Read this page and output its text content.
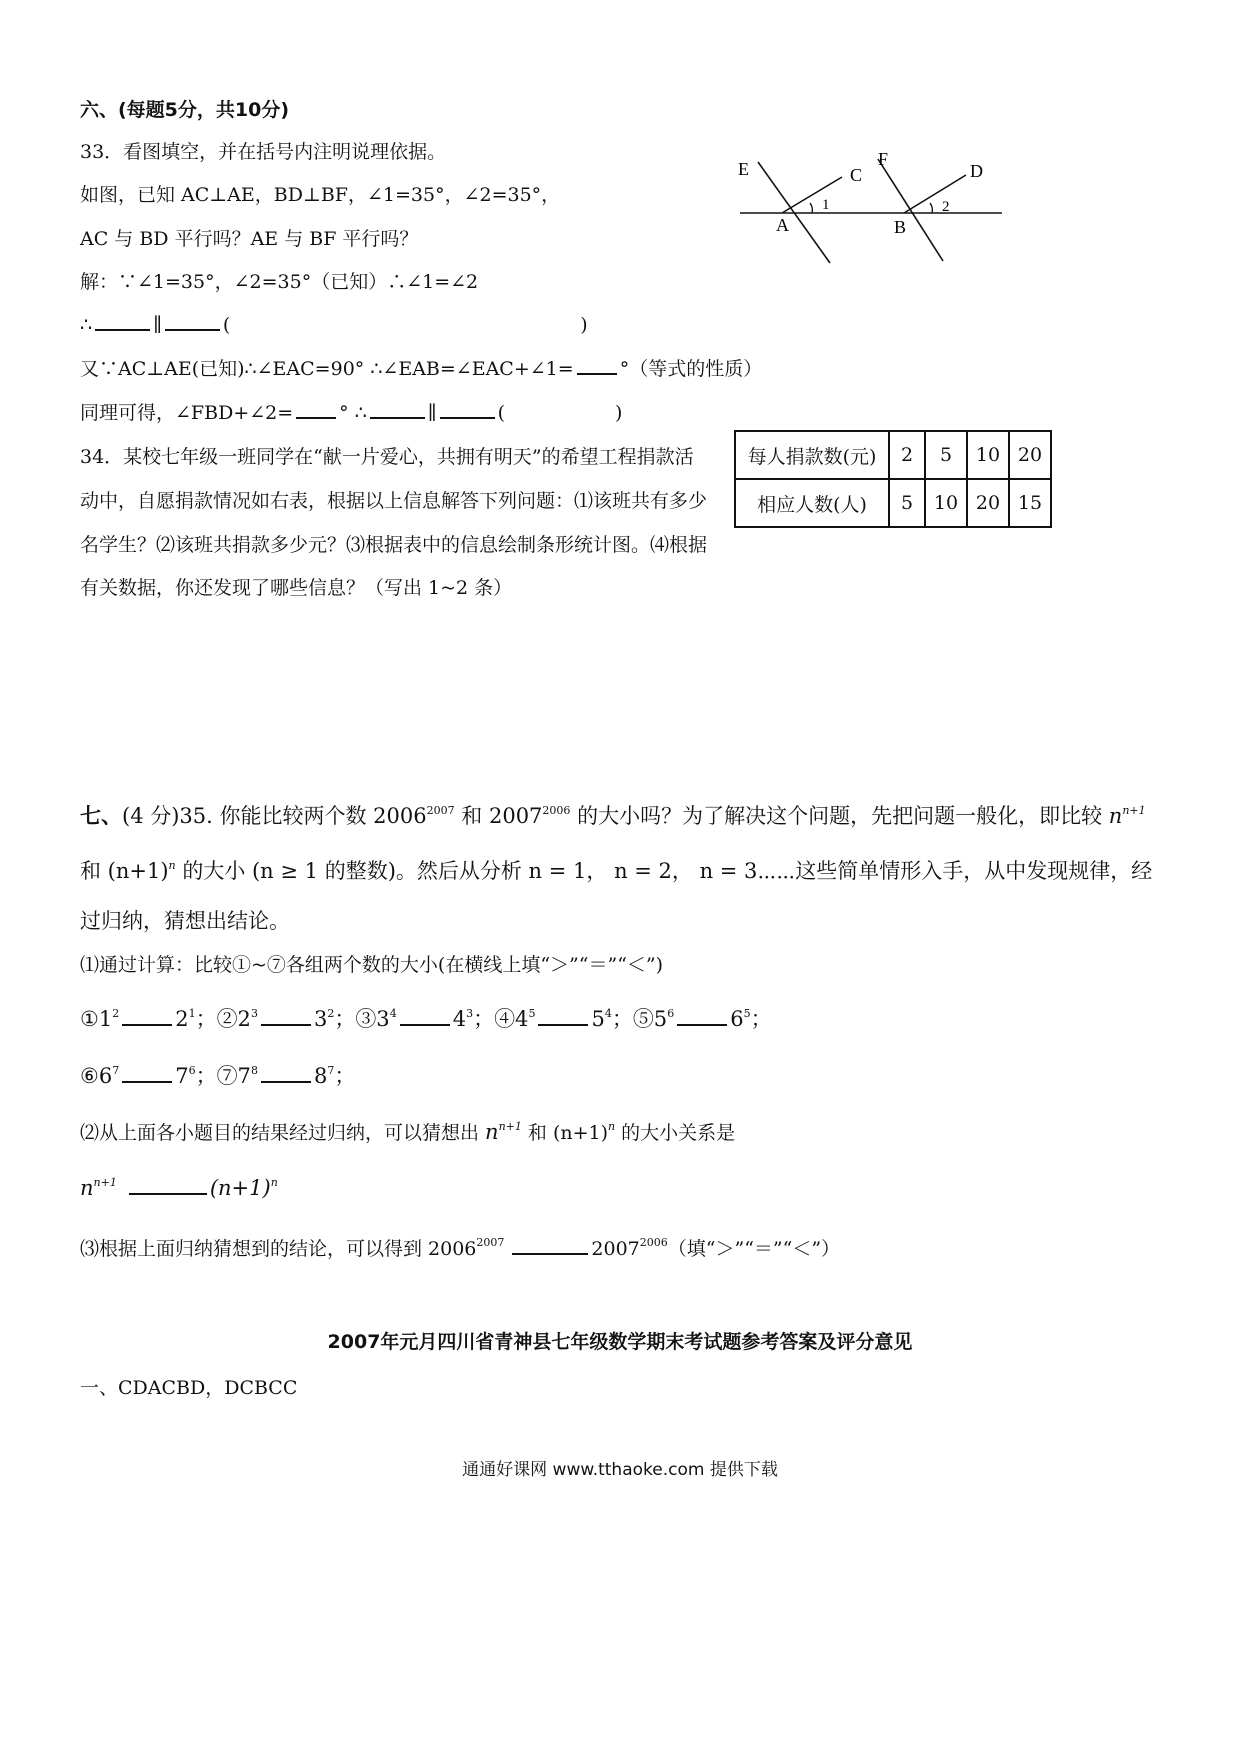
六、(每题5分，共10分)
33．看图填空，并在括号内注明说理依据。
如图，已知 AC⊥AE，BD⊥BF，∠1=35°，∠2=35°，
AC 与 BD 平行吗？AE 与 BF 平行吗？
解：∵∠1=35°，∠2=35°（已知）∴∠1=∠2
∴	∥	(	)
又∵AC⊥AE(已知)∴∠EAC=90° ∴∠EAB=∠EAC+∠1= °（等式的性质）
同理可得，∠FBD+∠2= ° ∴	∥	(	)
E	C
F
D
A	B
1	2
34．某校七年级一班同学在“献一片爱心，共拥有明天”的希望工程捐款活
动中，自愿捐款情况如右表，根据以上信息解答下列问题：⑴该班共有多少
名学生？⑵该班共捐款多少元？⑶根据表中的信息绘制条形统计图。⑷根据
有关数据，你还发现了哪些信息？（写出 1~2 条）
每人捐款数(元)	2	5	10	20
相应人数(人)	5	10	20	15
七、(4 分)35. 你能比较两个数 $2006^{2007}$ 和 $2007^{2006}$ 的大小吗？为了解决这个问题，先把问题一般化，即比较 $n^{n+1}$
和 $(n+1)^n$ 的大小 (n ≥ 1 的整数)。然后从分析 n = 1， n = 2， n = 3⋯⋯这些简单情形入手，从中发现规律，经
过归纳，猜想出结论。
⑴通过计算：比较①~⑦各组两个数的大小(在横线上填“＞”“＝”“＜”)
$①1^2$	$2^1$；$②2^3$	$3^2$；$③3^4$	$4^3$；$④4^5$	$5^4$；$⑤5^6$	$6^5$；
$⑥6^7$	$7^6$；$⑦7^8$	$8^7$；
⑵从上面各小题目的结果经过归纳，可以猜想出 $n^{n+1}$ 和 $(n+1)^n$ 的大小关系是
$n^{n+1}$	$(n+1)^n$
⑶根据上面归纳猜想到的结论，可以得到 $2006^{2007}$	$2007^{2006}$（填“＞”“＝”“＜”）
2007年元月四川省青神县七年级数学期末考试题参考答案及评分意见
一、CDACBD，DCBCC
通通好课网 www.tthaoke.com 提供下载
